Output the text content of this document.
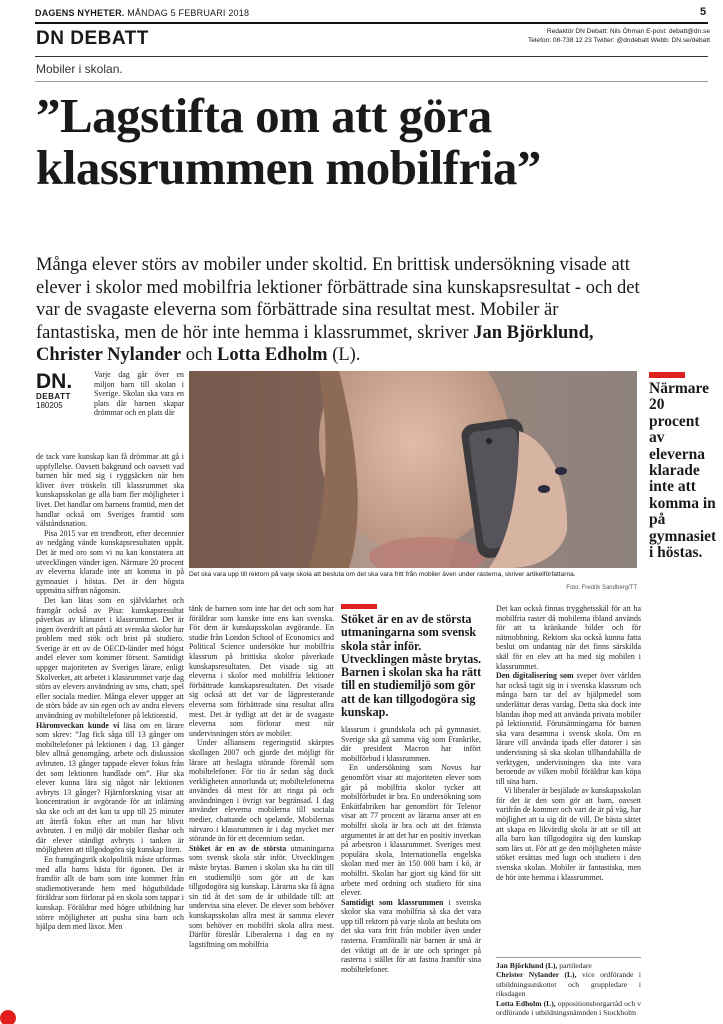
DAGENS NYHETER. MÅNDAG 5 FEBRUARI 2018	5
DN DEBATT	Redaktör DN Debatt: Nils Öhman E-post: debatt@dn.se
Telefon: 08-738 12 23 Twitter: @dndebatt Webb: DN.se/debatt
Mobiler i skolan.
”Lagstifta om att göra klassrummen mobilfria”
Många elever störs av mobiler under skoltid. En brittisk undersökning visade att elever i skolor med mobilfria lektioner förbättrade sina kunskapsresultat - och det var de svagaste eleverna som förbättrade sina resultat mest. Mobiler är fantastiska, men de hör inte hemma i klassrummet, skriver Jan Björklund, Christer Nylander och Lotta Edholm (L).
DN.
DEBATT
180205
Det ska vara upp till rektorn på varje skola att besluta om det ska vara fritt från mobiler även under rasterna, skriver artikelförfattarna.
Foto: Fredrik Sandberg/TT
Närmare 20 procent av eleverna klarade inte att komma in på gymnasiet i höstas.

Varje dag går över en miljon barn till skolan i Sverige. Skolan ska vara en plats där barnen skapar drömmar och en plats där

de tack vare kunskap kan få drömmar att gå i uppfyllelse. Oavsett bakgrund och oavsett vad barnen bär med sig i ryggsäcken när hen kliver över tröskeln till klassrummet ska kunskapsskolan ge alla barn fler möjligheter i livet. Det handlar om barnens framtid, men det handlar också om Sveriges framtid som välståndsnation.

Pisa 2015 var ett trendbrott, efter decennier av nedgång vände kunskapsresultaten uppåt. Det är med oro som vi nu kan konstatera att utvecklingen vänder igen. Närmare 20 procent av eleverna klarade inte att komma in på gymnasiet i höstas. Det är den högsta uppmätta siffran någonsin.

Det kan lätas som en självklarhet och framgår också av Pisa: kunskapsresultat påverkas av klimatet i klassrummet. Det är ingen överdrift att påstå att svenska skolor har problem med stök och brist på studiero. Sverige är ett av de OECD-länder med högst andel elever som kommer försent. Samtidigt uppger majoriteten av Sveriges lärare, enligt Skolverket, att arbetet i klassrummet varje dag störs av elevers användning av sms, chatt, spel eller sociala medier. Många elever uppger att de störs både av sin egen och av andra elevers användning av mobiltelefoner på lektionstid.

Häromveckan kunde vi läsa om en lärare som skrev: ”Jag fick såga till 13 gånger om mobiltelefoner på lektionen i dag. 13 gånger blev alltså genomgång, arbete och diskussion avbruten. 13 gånger tappade elever fokus från det som lektionen handlade om”. Hur ska elever kunna lära sig något när lektionen avbryts 13 gånger? Hjärnforskning visar att koncentration är avgörande för att inlärning ska ske och att det kan ta upp till 25 minuter att återfå fokus efter att man har blivit avbruten. I en miljö där mobiler flashar och där elever ständigt avbryts i tanken är möjligheten att tillgodogöra sig kunskap liten.

En framgångsrik skolpolitik måste utformas med alla barns bästa för ögonen. Det är framför allt de barn som inte kommer från studiemotiverande hem med högutbildade föräldrar som förlorar på en skola som tappar i kunskap. Föräldrar med högre utbildning har större möjligheter att pusha sina barn och hjälpa dem med läxor. Men

tänk de barnen som inte har det och som har föräldrar som kanske inte ens kan svenska. För dem är kunskapsskolan avgörande. En studie från London School of Economics and Political Science undersökte hur mobilfria klassrum på brittiska skolor påverkade kunskapsresultaten. Det visade sig att eleverna i skolor med mobilfria lektioner förbättrade kunskapsresultaten. Det visade sig också att det var de lägpresterande eleverna som förbättrade sina resultat allra mest. Det är tydligt att det är de svagaste eleverna som förlorar mest när undervisningen störs av mobiler.

Under alliansens regeringstid skärptes skollagen 2007 och gjorde det möjligt för lärare att beslagta störande föremål som mobiltelefoner. För tio år sedan såg dock verkligheten annorlunda ut; mobiltelefonerna användes då mest för att ringa på och användningen i övrigt var begränsad. I dag använder eleverna mobilerna till sociala medier, chattande och spelande. Mobilernas närvaro i klassrummen är i dag mycket mer störande än för ett decennium sedan.

Stöket är en av de största utmaningarna som svensk skola står inför. Utvecklingen måste brytas. Barnen i skolan ska ha rätt till en studiemiljö som gör att de kan tillgodogöra sig kunskap. Lärarna ska få ägna sin tid åt det som de är utbildade till: att undervisa sina elever. De elever som behöver kunskapsskolan allra mest är samma elever som behöver en mobilfri skola allra mest. Därför föreslår Liberalerna i dag en ny lagstiftning om mobilfria

Stöket är en av de största utmaningarna som svensk skola står inför. Utvecklingen måste brytas. Barnen i skolan ska ha rätt till en studiemiljö som gör att de kan tillgodogöra sig kunskap.

klassrum i grundskola och på gymnasiet. Sverige ska gå samma väg som Frankrike, där president Macron har infört mobilförbud i klassrummen.

En undersökning som Novus har genomfört visar att majoriteten elever som går på mobilfria skolor tycker att mobilförbudet är bra. En undersökning som Enkätfabriken har genomfört för Telenor visar att 77 procent av lärarna anser att en mobilfri skola är bra och att det främsta argumentet är att det har en positiv inverkan på arbetsron i klassrummet. Sveriges mest populära skola, Internationella engelska skolan med mer än 150 000 barn i kö, är mobilfri. Skolan har gjort sig känd för sitt arbete med ordning och studiero för sina elever.

Samtidigt som klassrummen i svenska skolor ska vara mobilfria så ska det vara upp till rektorn på varje skola att besluta om det ska vara fritt från mobiler även under rasterna. Framförallt när barnen är små är det viktigt att de är ute och springer på rasterna i stället för att fastna framför sina mobiltelefoner.

Det kan också finnas trygghetsskäl för att ha mobilfria raster då mobilerna ibland används för att ta kränkande bilder och för nätmobbning. Rektorn ska också kunna fatta beslut om undantag när det finns särskilda skäl för en elev att ha med sig mobilen i klassrummet.

Den digitalisering som sveper över världen har också tagit sig in i svenska klassrum och många barn tar del av hjälpmedel som underlättar deras vardag. Detta ska dock inte blandas ihop med att använda privata mobiler på lektionstid. Förutsättningarna för barnen ska vara desamma i svensk skola. Om en lärare vill använda ipads eller datorer i sin undervisning så ska skolan tillhandahålla de verktygen, undervisningen ska inte vara beroende av vilken mobil föräldrar kan köpa till sina barn.

Vi liberaler är besjälade av kunskapsskolan för det är den som gör att barn, oavsett varifrån de kommer och vart de är på väg, har möjlighet att ta sig dit de vill. De bästa sättet att skapa en likvärdig skola är att se till att alla barn kan tillgodogöra sig den kunskap som lärs ut. För att ge den möjligheten måste stöket ersättas med lugn och studiero i den svenska skolan. Mobiler är fantastiska, men de hör inte hemma i klassrummet.

Jan Björklund (L), partiledare
Christer Nylander (L), vice ordförande i utbildningsutskottet och gruppledare i riksdagen
Lotta Edholm (L), oppositionsborgarråd och v ordförande i utbildningsnämnden i Stockholm
